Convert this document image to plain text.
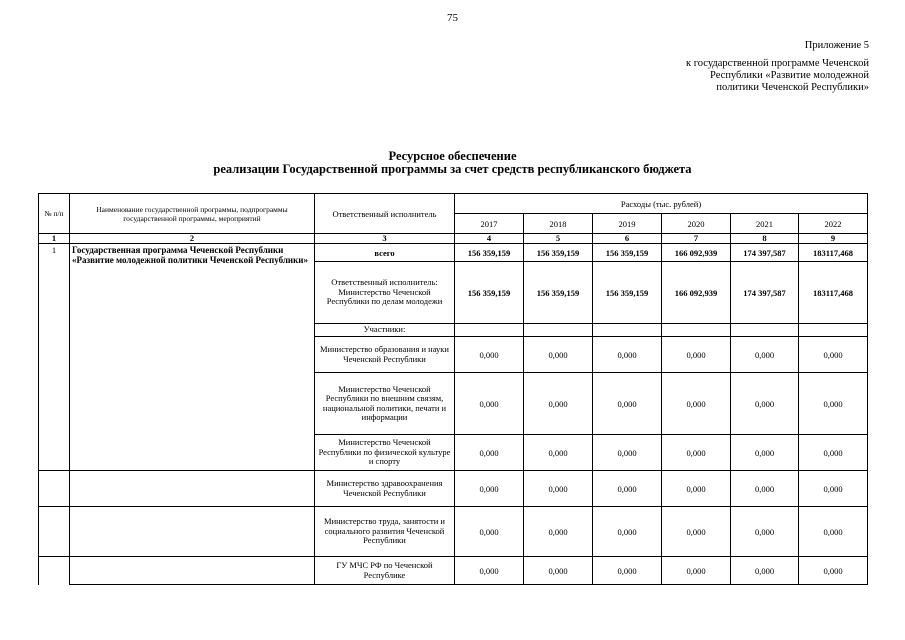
75
Приложение 5
к государственной программе Чеченской
Республики «Развитие молодежной
политики Чеченской Республики»
Ресурсное обеспечение
реализации Государственной программы за счет средств республиканского бюджета
№ п/п	Наименование государственной программы, подпрограммы государственной программы, мероприятий	Ответственный исполнитель	Расходы (тыс. рублей)					
			2017	2018	2019	2020	2021	2022
1	2	3	4	5	6	7	8	9
1	Государственная программа Чеченской Республики «Развитие молодежной политики Чеченской Республики»	всего	156 359,159	156 359,159	156 359,159	166 092,939	174 397,587	183117,468
		Ответственный исполнитель: Министерство Чеченской Республики по делам молодежи	156 359,159	156 359,159	156 359,159	166 092,939	174 397,587	183117,468
		Участники:						
		Министерство образования и науки Чеченской Республики	0,000	0,000	0,000	0,000	0,000	0,000
		Министерство Чеченской Республики по внешним связям, национальной политики, печати и информации	0,000	0,000	0,000	0,000	0,000	0,000
		Министерство Чеченской Республики по физической культуре и спорту	0,000	0,000	0,000	0,000	0,000	0,000
		Министерство здравоохранения Чеченской Республики	0,000	0,000	0,000	0,000	0,000	0,000
		Министерство труда, занятости и социального развития Чеченской Республики	0,000	0,000	0,000	0,000	0,000	0,000
		ГУ МЧС РФ по Чеченской Республике	0,000	0,000	0,000	0,000	0,000	0,000
